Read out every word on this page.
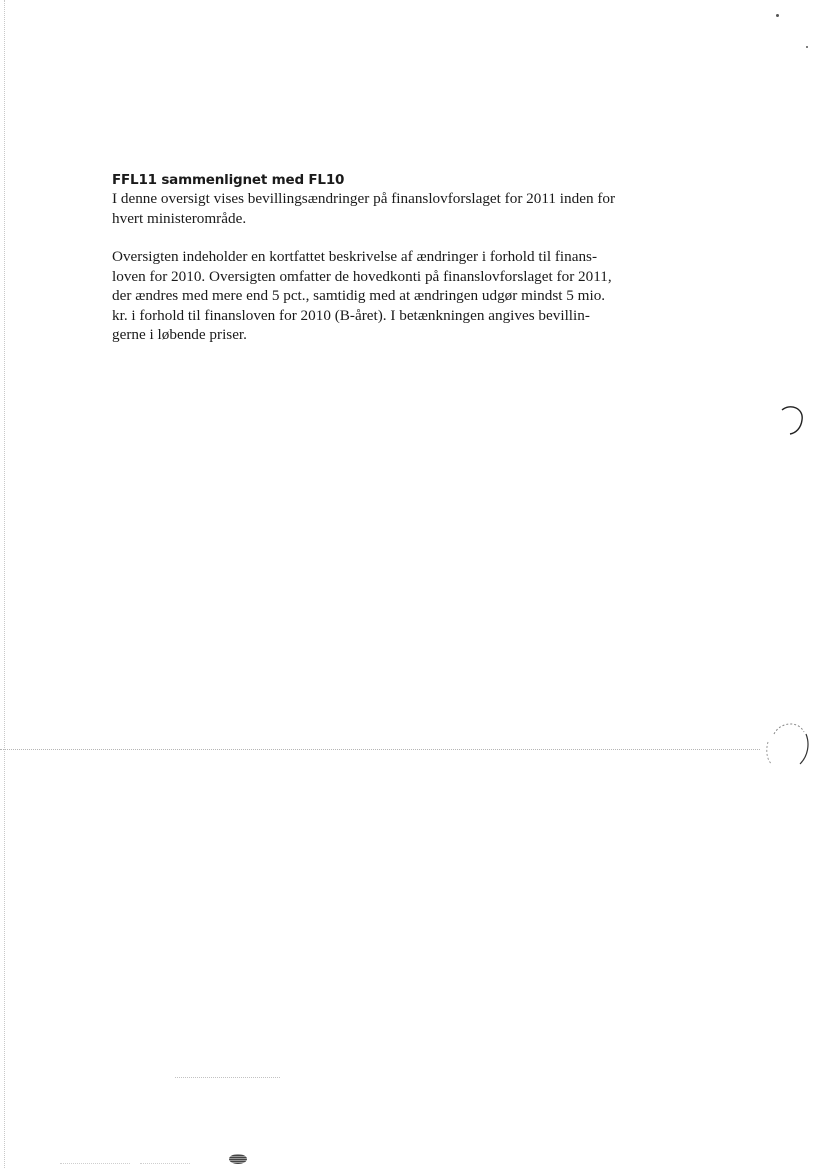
FFL11 sammenlignet med FL10

I denne oversigt vises bevillingsændringer på finanslovforslaget for 2011 inden for
hvert ministerområde.

Oversigten indeholder en kortfattet beskrivelse af ændringer i forhold til finans-
loven for 2010. Oversigten omfatter de hovedkonti på finanslovforslaget for 2011,
der ændres med mere end 5 pct., samtidig med at ændringen udgør mindst 5 mio.
kr. i forhold til finansloven for 2010 (B-året). I betænkningen angives bevillin-
gerne i løbende priser.
